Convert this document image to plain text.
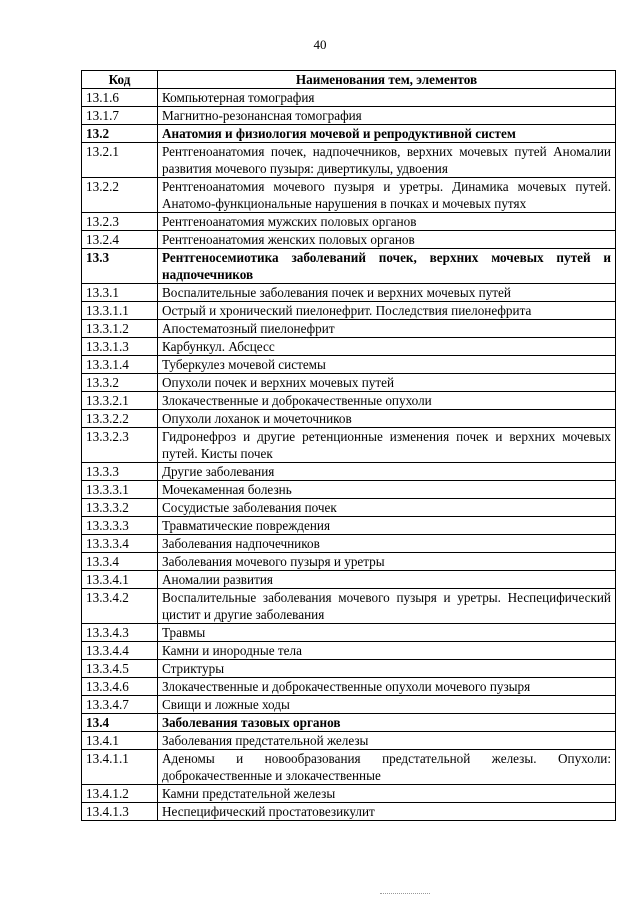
40
Код	Наименования тем, элементов
13.1.6	Компьютерная томография
13.1.7	Магнитно-резонансная томография
13.2	Анатомия и физиология мочевой и репродуктивной систем
13.2.1	Рентгеноанатомия почек, надпочечников, верхних мочевых путей Аномалии развития мочевого пузыря: дивертикулы, удвоения
13.2.2	Рентгеноанатомия мочевого пузыря и уретры. Динамика мочевых путей. Анатомо-функциональные нарушения в почках и мочевых путях
13.2.3	Рентгеноанатомия мужских половых органов
13.2.4	Рентгеноанатомия женских половых органов
13.3	Рентгеносемиотика заболеваний почек, верхних мочевых путей и надпочечников
13.3.1	Воспалительные заболевания почек и верхних мочевых путей
13.3.1.1	Острый и хронический пиелонефрит. Последствия пиелонефрита
13.3.1.2	Апостематозный пиелонефрит
13.3.1.3	Карбункул. Абсцесс
13.3.1.4	Туберкулез мочевой системы
13.3.2	Опухоли почек и верхних мочевых путей
13.3.2.1	Злокачественные и доброкачественные опухоли
13.3.2.2	Опухоли лоханок и мочеточников
13.3.2.3	Гидронефроз и другие ретенционные изменения почек и верхних мочевых путей. Кисты почек
13.3.3	Другие заболевания
13.3.3.1	Мочекаменная болезнь
13.3.3.2	Сосудистые заболевания почек
13.3.3.3	Травматические повреждения
13.3.3.4	Заболевания надпочечников
13.3.4	Заболевания мочевого пузыря и уретры
13.3.4.1	Аномалии развития
13.3.4.2	Воспалительные заболевания мочевого пузыря и уретры. Неспецифический цистит и другие заболевания
13.3.4.3	Травмы
13.3.4.4	Камни и инородные тела
13.3.4.5	Стриктуры
13.3.4.6	Злокачественные и доброкачественные опухоли мочевого пузыря
13.3.4.7	Свищи и ложные ходы
13.4	Заболевания тазовых органов
13.4.1	Заболевания предстательной железы
13.4.1.1	Аденомы и новообразования предстательной железы. Опухоли: доброкачественные и злокачественные
13.4.1.2	Камни предстательной железы
13.4.1.3	Неспецифический простатовезикулит
